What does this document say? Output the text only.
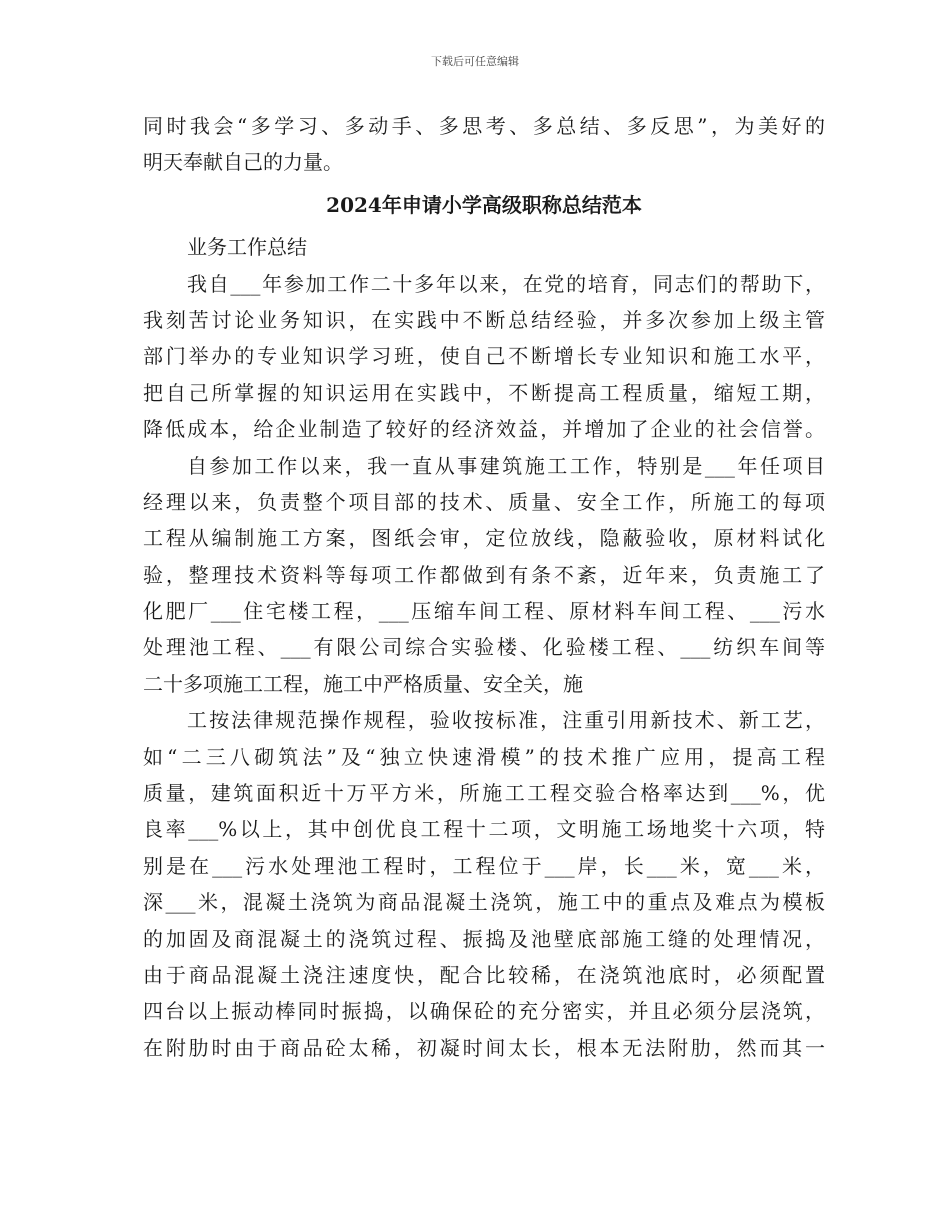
下载后可任意编辑
同时我会“多学习、多动手、多思考、多总结、多反思”，为美好的
明天奉献自己的力量。
2024年申请小学高级职称总结范本
业务工作总结
我自___年参加工作二十多年以来，在党的培育，同志们的帮助下，
我刻苦讨论业务知识，在实践中不断总结经验，并多次参加上级主管
部门举办的专业知识学习班，使自己不断增长专业知识和施工水平，
把自己所掌握的知识运用在实践中，不断提高工程质量，缩短工期，
降低成本，给企业制造了较好的经济效益，并增加了企业的社会信誉。
自参加工作以来，我一直从事建筑施工工作，特别是___年任项目
经理以来，负责整个项目部的技术、质量、安全工作，所施工的每项
工程从编制施工方案，图纸会审，定位放线，隐蔽验收，原材料试化
验，整理技术资料等每项工作都做到有条不紊，近年来，负责施工了
化肥厂___住宅楼工程，___压缩车间工程、原材料车间工程、___污水
处理池工程、___有限公司综合实验楼、化验楼工程、___纺织车间等
二十多项施工工程，施工中严格质量、安全关，施
工按法律规范操作规程，验收按标准，注重引用新技术、新工艺，
如“二三八砌筑法”及“独立快速滑模”的技术推广应用，提高工程
质量，建筑面积近十万平方米，所施工工程交验合格率达到___%，优
良率___%以上，其中创优良工程十二项，文明施工场地奖十六项，特
别是在___污水处理池工程时，工程位于___岸，长___米，宽___米，
深___米，混凝土浇筑为商品混凝土浇筑，施工中的重点及难点为模板
的加固及商混凝土的浇筑过程、振捣及池壁底部施工缝的处理情况，
由于商品混凝土浇注速度快，配合比较稀，在浇筑池底时，必须配置
四台以上振动棒同时振捣，以确保砼的充分密实，并且必须分层浇筑，
在附肋时由于商品砼太稀，初凝时间太长，根本无法附肋，然而其一
